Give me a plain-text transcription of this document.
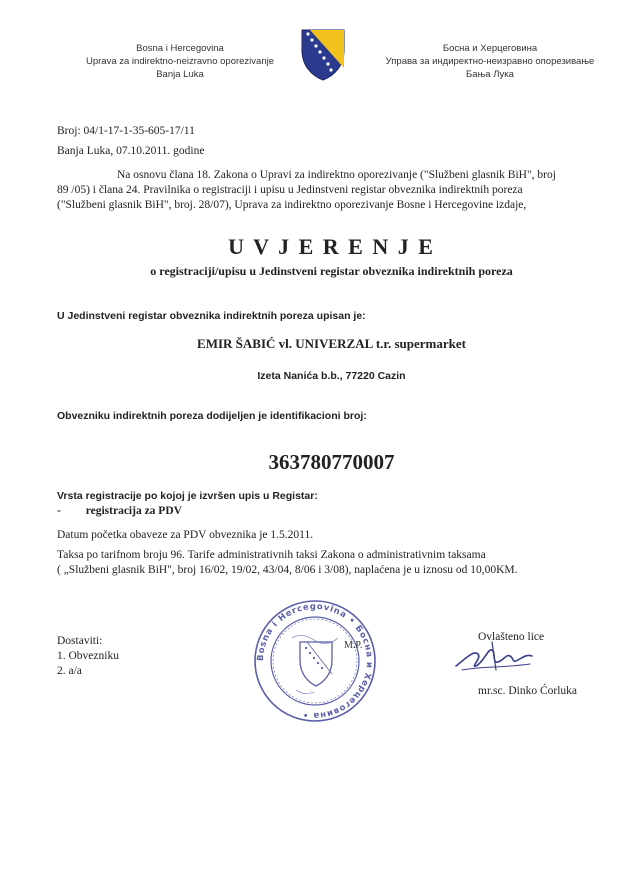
Bosna i Hercegovina
Uprava za indirektno-neizravno oporezivanje
Banja Luka
Босна и Херцеговина
Управа за индиректно-неизравно опорезивање
Бања Лука
Broj: 04/1-17-1-35-605-17/11
Banja Luka, 07.10.2011. godine
Na osnovu člana 18. Zakona o Upravi za indirektno oporezivanje ("Službeni glasnik BiH", broj
89 /05) i člana 24. Pravilnika o registraciji i upisu u Jedinstveni registar obveznika indirektnih poreza
("Službeni glasnik BiH", broj. 28/07), Uprava za indirektno oporezivanje Bosne i Hercegovine izdaje,
U V J E R E N J E
o registraciji/upisu u Jedinstveni registar obveznika indirektnih poreza
U Jedinstveni registar obveznika indirektnih poreza upisan je:
EMIR ŠABIĆ vl. UNIVERZAL t.r. supermarket
Izeta Nanića b.b., 77220 Cazin
Obvezniku indirektnih poreza dodijeljen je identifikacioni broj:
363780770007
Vrsta registracije po kojoj je izvršen upis u Registar:
- registracija za PDV
Datum početka obaveze za PDV obveznika je 1.5.2011.
Taksa po tarifnom broju 96. Tarife administrativnih taksi Zakona o administrativnim taksama
( „Službeni glasnik BiH", broj 16/02, 19/02, 43/04, 8/06 i 3/08), naplaćena je u iznosu od 10,00KM.
Dostaviti:
1. Obvezniku
2. a/a
Bosna i Hercegovina • Босна и Херцеговина •
M.P.
Ovlašteno lice
mr.sc. Dinko Ćorluka
